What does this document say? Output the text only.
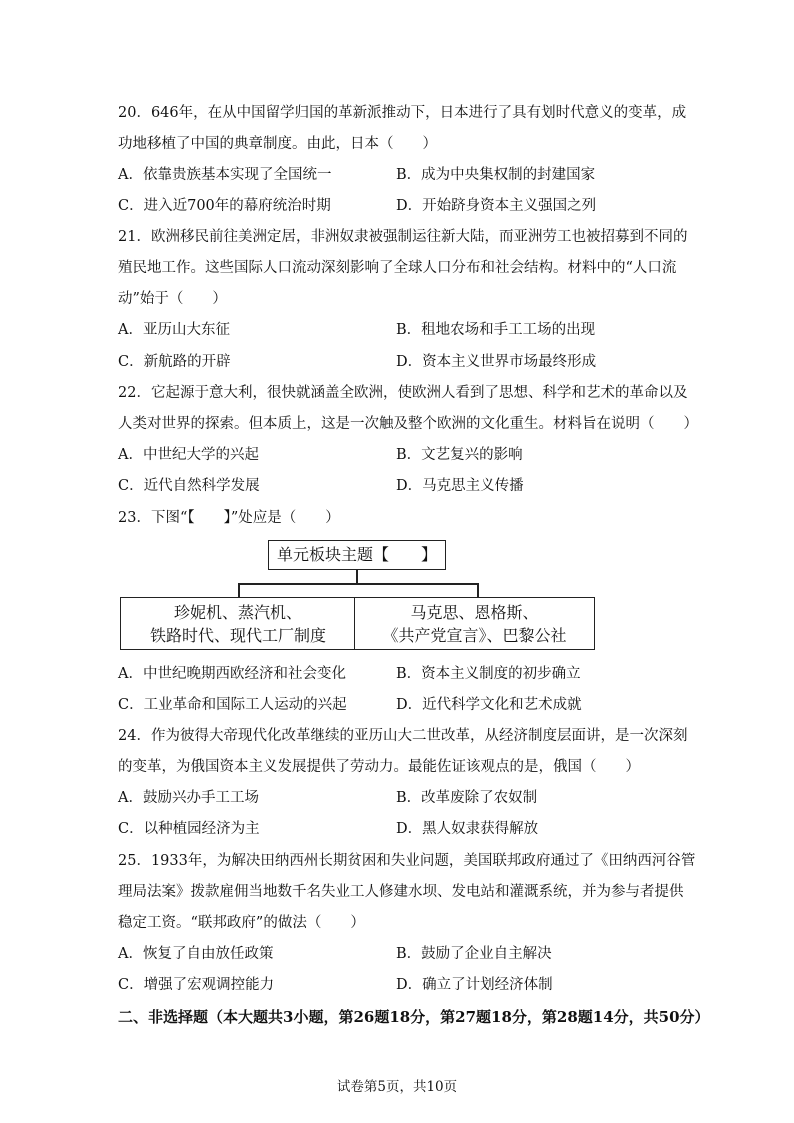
20．646年，在从中国留学归国的革新派推动下，日本进行了具有划时代意义的变革，成
功地移植了中国的典章制度。由此，日本（　　）
A．依靠贵族基本实现了全国统一	B．成为中央集权制的封建国家
C．进入近700年的幕府统治时期	D．开始跻身资本主义强国之列
21．欧洲移民前往美洲定居，非洲奴隶被强制运往新大陆，而亚洲劳工也被招募到不同的
殖民地工作。这些国际人口流动深刻影响了全球人口分布和社会结构。材料中的“人口流
动”始于（　　）
A．亚历山大东征	B．租地农场和手工工场的出现
C．新航路的开辟	D．资本主义世界市场最终形成
22．它起源于意大利，很快就涵盖全欧洲，使欧洲人看到了思想、科学和艺术的革命以及
人类对世界的探索。但本质上，这是一次触及整个欧洲的文化重生。材料旨在说明（　　）
A．中世纪大学的兴起	B．文艺复兴的影响
C．近代自然科学发展	D．马克思主义传播
23．下图“【　　】”处应是（　　）
单元板块主题【　　】
珍妮机、蒸汽机、
铁路时代、现代工厂制度
马克思、恩格斯、
《共产党宣言》、巴黎公社
A．中世纪晚期西欧经济和社会变化	B．资本主义制度的初步确立
C．工业革命和国际工人运动的兴起	D．近代科学文化和艺术成就
24．作为彼得大帝现代化改革继续的亚历山大二世改革，从经济制度层面讲，是一次深刻
的变革，为俄国资本主义发展提供了劳动力。最能佐证该观点的是，俄国（　　）
A．鼓励兴办手工工场	B．改革废除了农奴制
C．以种植园经济为主	D．黑人奴隶获得解放
25．1933年，为解决田纳西州长期贫困和失业问题，美国联邦政府通过了《田纳西河谷管
理局法案》拨款雇佣当地数千名失业工人修建水坝、发电站和灌溉系统，并为参与者提供
稳定工资。“联邦政府”的做法（　　）
A．恢复了自由放任政策	B．鼓励了企业自主解决
C．增强了宏观调控能力	D．确立了计划经济体制
二、非选择题（本大题共3小题，第26题18分，第27题18分，第28题14分，共50分）
试卷第5页，共10页
